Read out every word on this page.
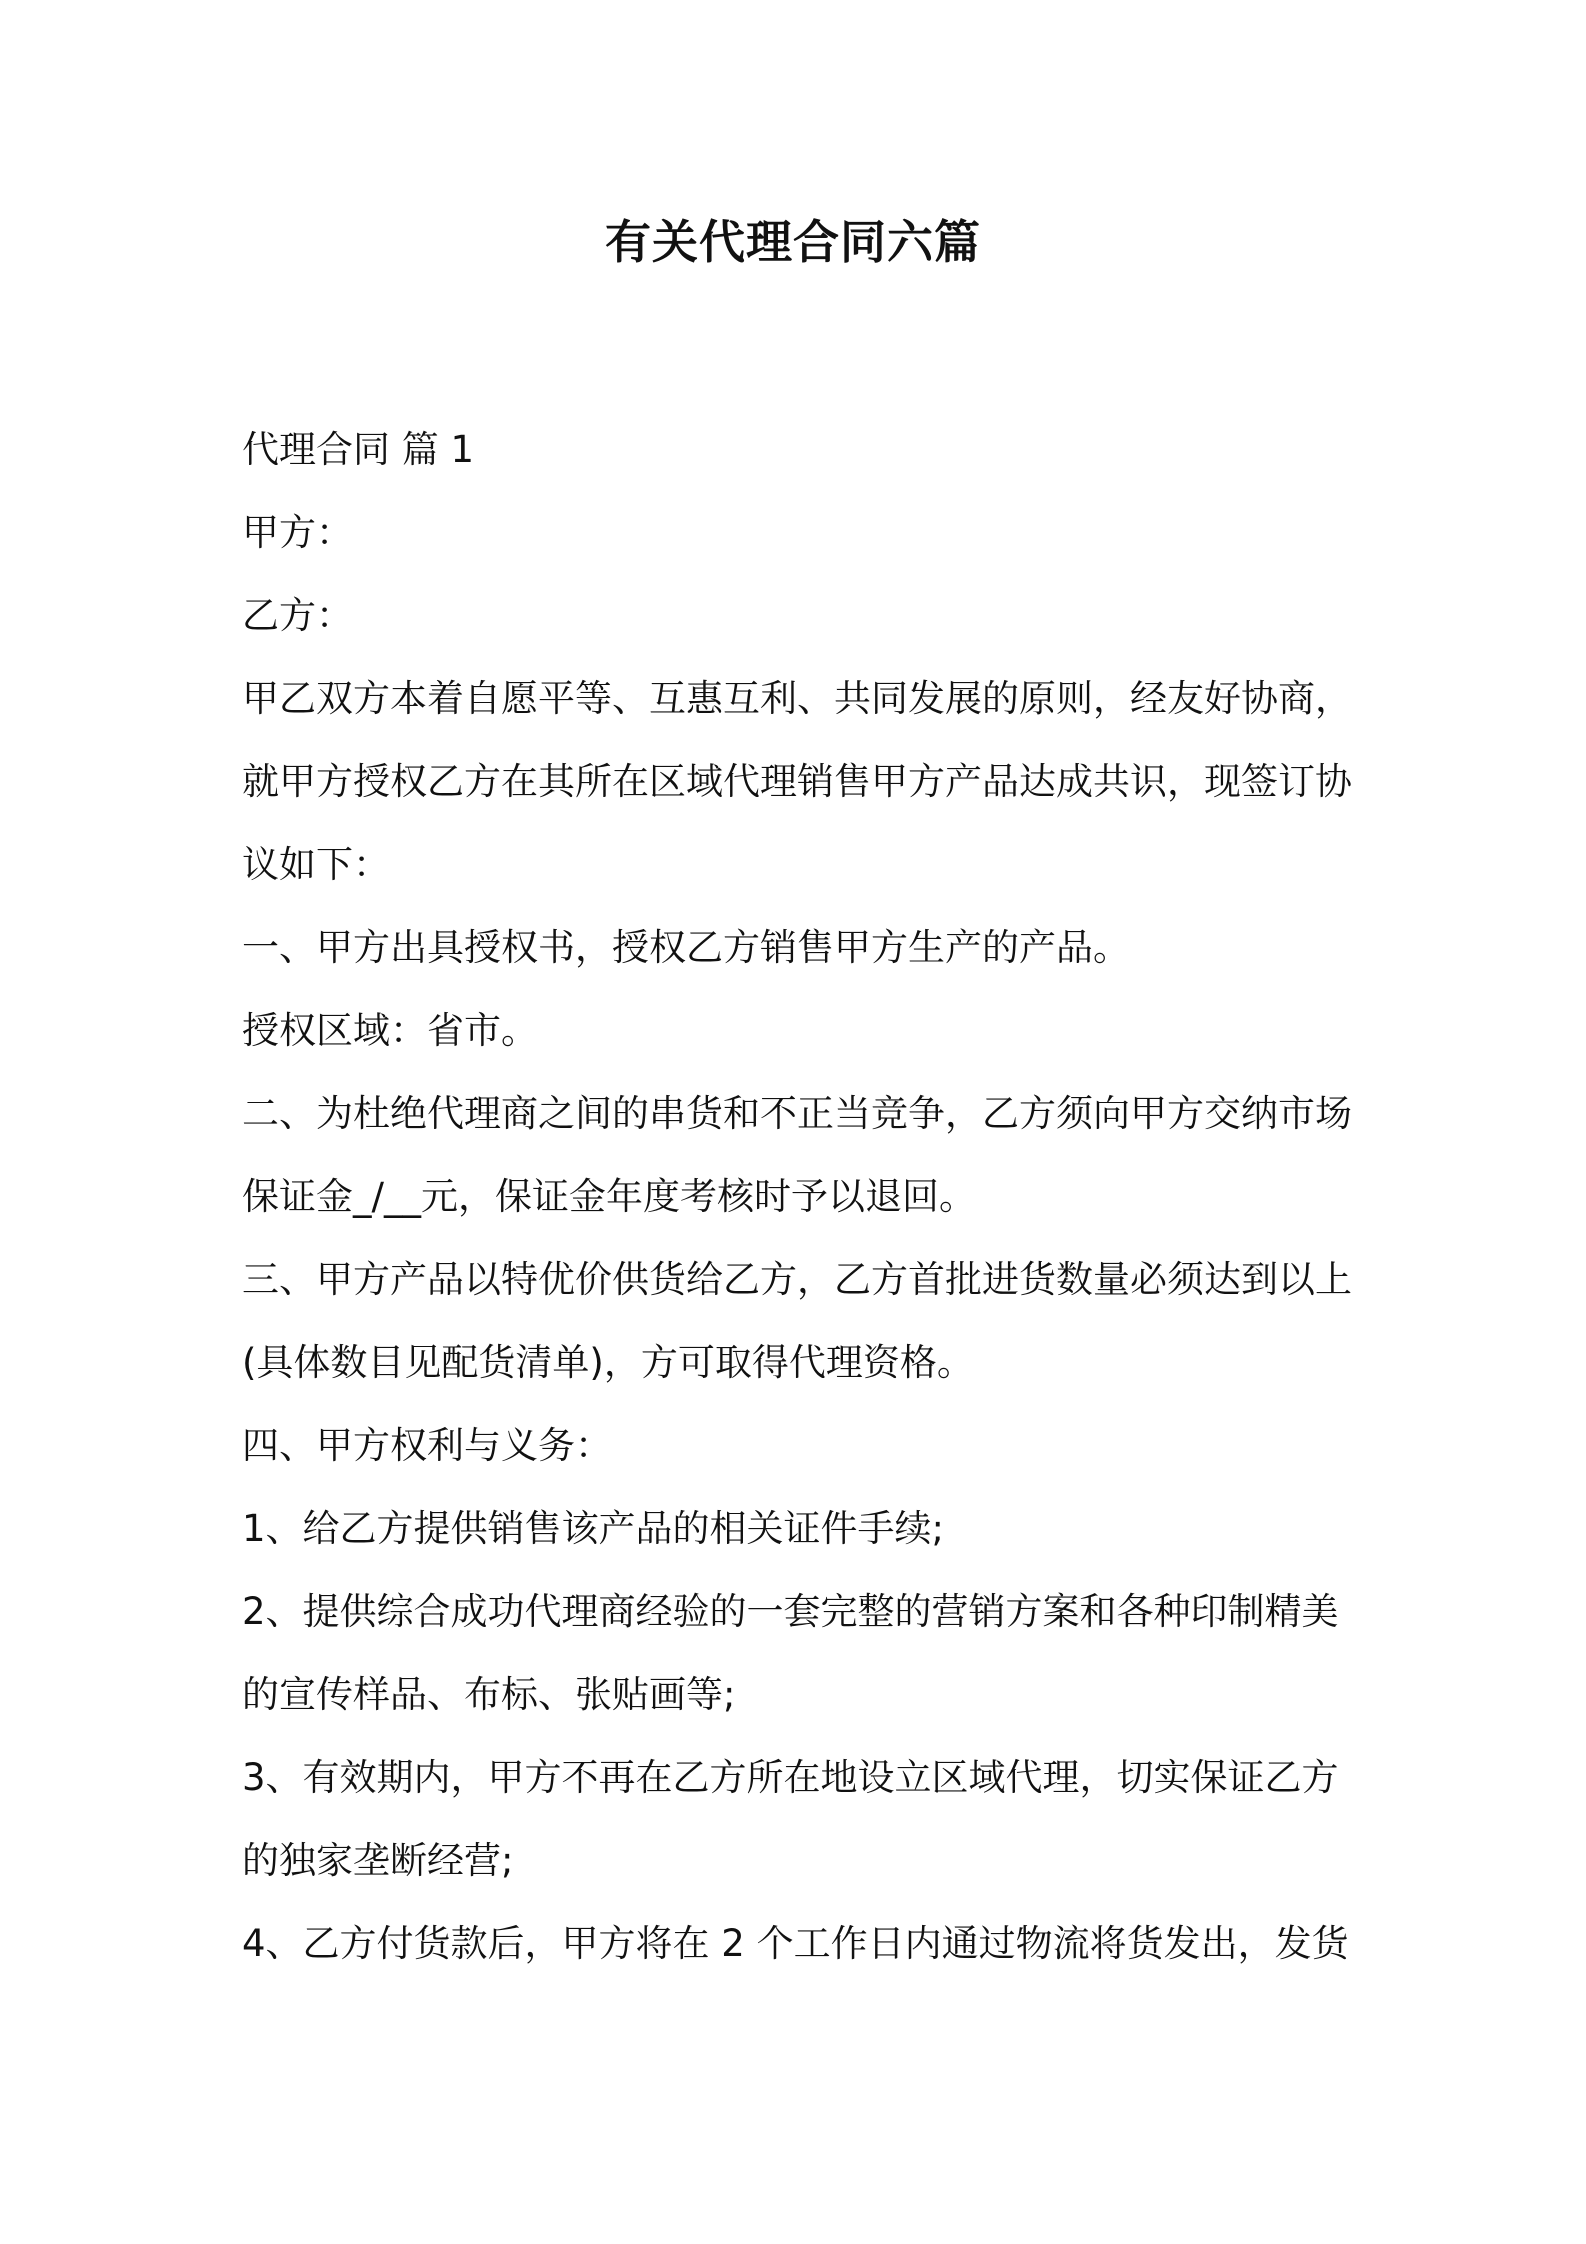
有关代理合同六篇
代理合同 篇 1
甲方：
乙方：
甲乙双方本着自愿平等、互惠互利、共同发展的原则，经友好协商，
就甲方授权乙方在其所在区域代理销售甲方产品达成共识，现签订协
议如下：
一、甲方出具授权书，授权乙方销售甲方生产的产品。
授权区域：省市。
二、为杜绝代理商之间的串货和不正当竞争，乙方须向甲方交纳市场
保证金_/__元，保证金年度考核时予以退回。
三、甲方产品以特优价供货给乙方，乙方首批进货数量必须达到以上
(具体数目见配货清单)，方可取得代理资格。
四、甲方权利与义务：
1、给乙方提供销售该产品的相关证件手续;
2、提供综合成功代理商经验的一套完整的营销方案和各种印制精美
的宣传样品、布标、张贴画等;
3、有效期内，甲方不再在乙方所在地设立区域代理，切实保证乙方
的独家垄断经营;
4、乙方付货款后，甲方将在 2 个工作日内通过物流将货发出，发货
